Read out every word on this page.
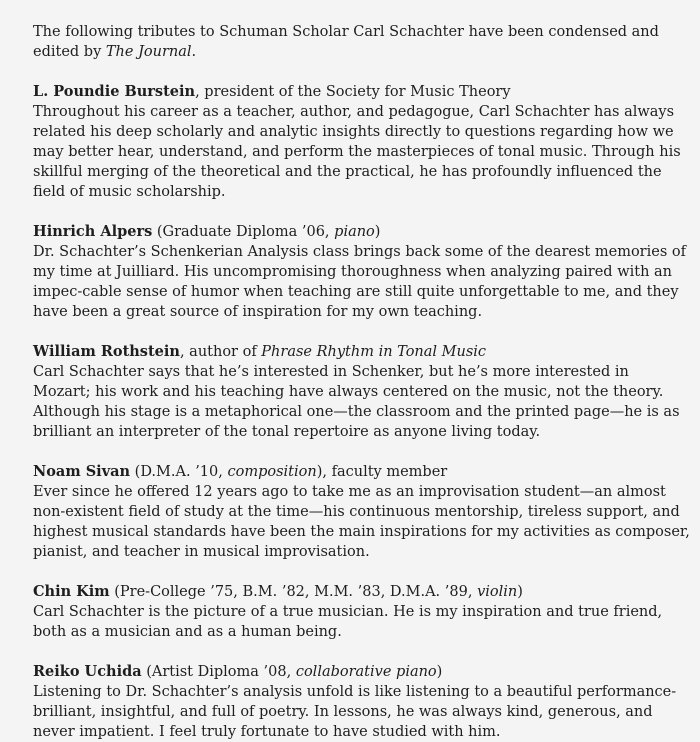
The following tributes to Schuman Scholar Carl Schachter have been condensed and edited by The Journal.

L. Poundie Burstein, president of the Society for Music Theory

Throughout his career as a teacher, author, and pedagogue, Carl Schachter has always related his deep scholarly and analytic insights directly to questions regarding how we may better hear, understand, and perform the masterpieces of tonal music. Through his skillful merging of the theoretical and the practical, he has profoundly influenced the field of music scholarship.

Hinrich Alpers (Graduate Diploma ’06, piano)

Dr. Schachter’s Schenkerian Analysis class brings back some of the dearest memories of my time at Juilliard. His uncompromising thoroughness when analyzing paired with an impec-cable sense of humor when teaching are still quite unforgettable to me, and they have been a great source of inspiration for my own teaching.

William Rothstein, author of Phrase Rhythm in Tonal Music

Carl Schachter says that he’s interested in Schenker, but he’s more interested in Mozart; his work and his teaching have always centered on the music, not the theory. Although his stage is a metaphorical one—the classroom and the printed page—he is as brilliant an interpreter of the tonal repertoire as anyone living today.

Noam Sivan (D.M.A. ’10, composition), faculty member

Ever since he offered 12 years ago to take me as an improvisation student—an almost non-existent field of study at the time—his continuous mentorship, tireless support, and highest musical standards have been the main inspirations for my activities as composer, pianist, and teacher in musical improvisation.

Chin Kim (Pre-College ’75, B.M. ’82, M.M. ’83, D.M.A. ’89, violin)

Carl Schachter is the picture of a true musician. He is my inspiration and true friend, both as a musician and as a human being.

Reiko Uchida (Artist Diploma ’08, collaborative piano)

Listening to Dr. Schachter’s analysis unfold is like listening to a beautiful performance-brilliant, insightful, and full of poetry. In lessons, he was always kind, generous, and never impatient. I feel truly fortunate to have studied with him.
